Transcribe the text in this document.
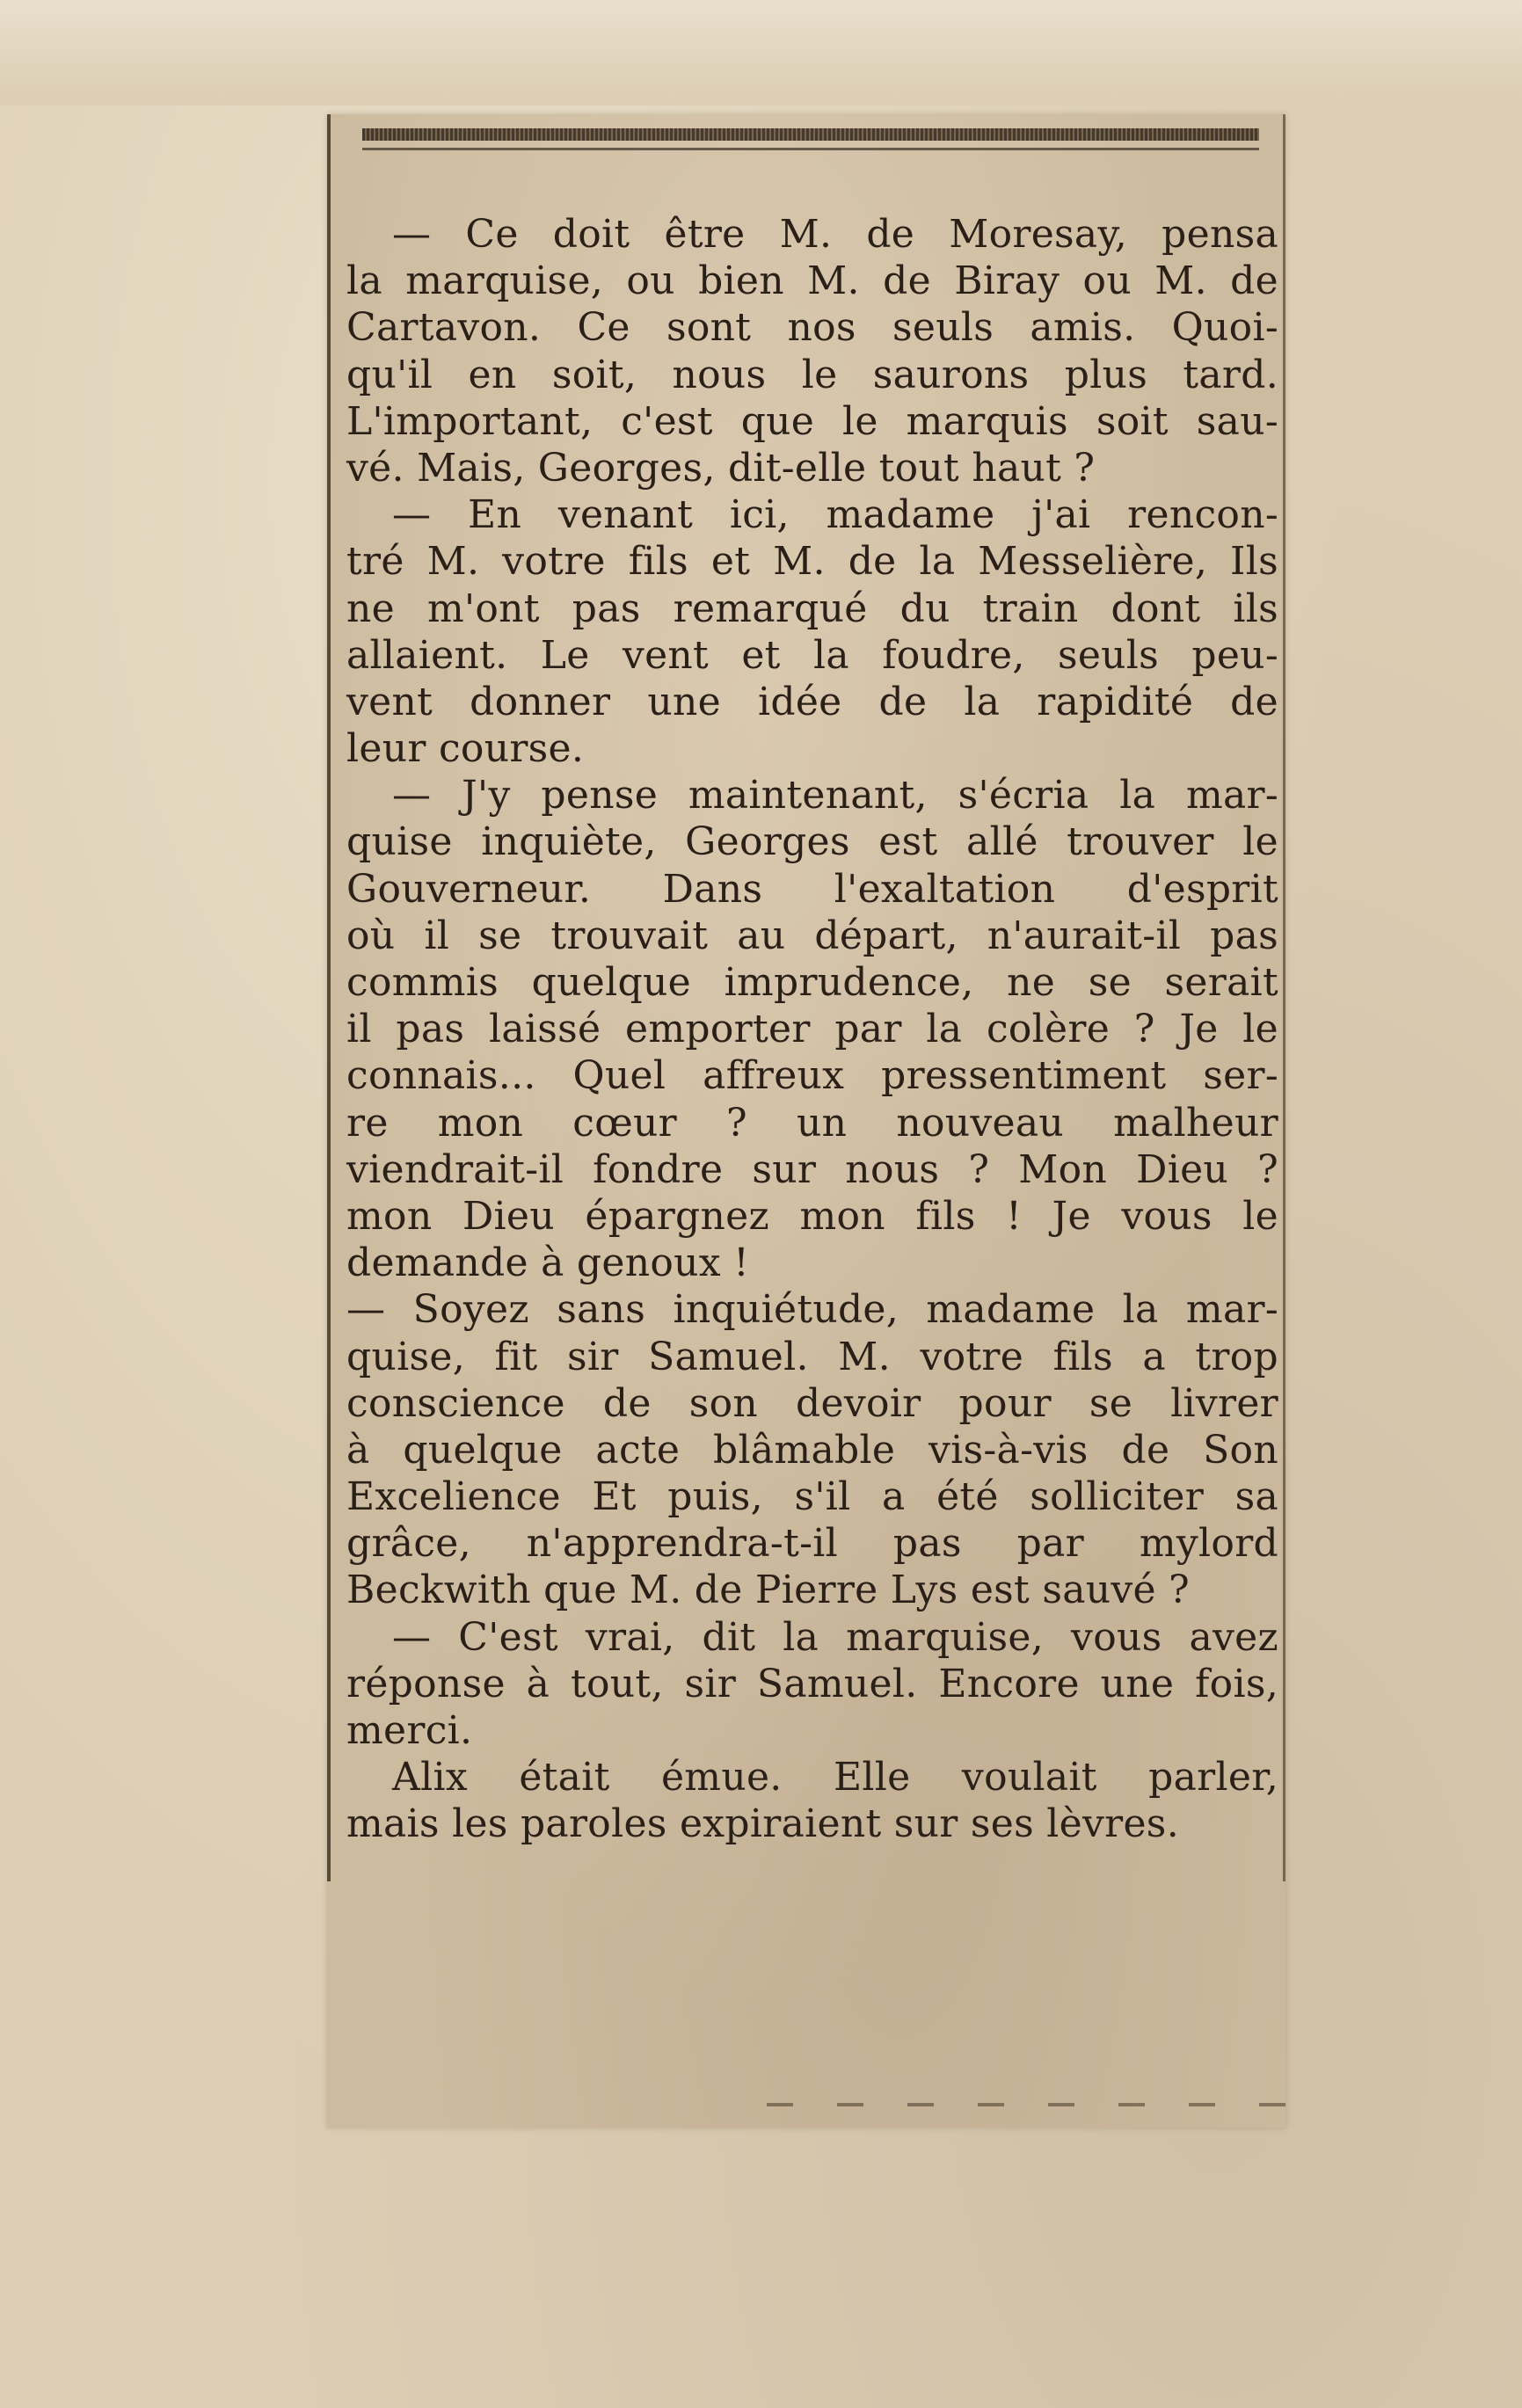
— Ce doit être M. de Moresay, pensa
la marquise, ou bien M. de Biray ou M. de
Cartavon. Ce sont nos seuls amis. Quoi-
qu'il en soit, nous le saurons plus tard.
L'important, c'est que le marquis soit sau-
vé. Mais, Georges, dit-elle tout haut ?
— En venant ici, madame j'ai rencon-
tré M. votre fils et M. de la Messelière, Ils
ne m'ont pas remarqué du train dont ils
allaient. Le vent et la foudre, seuls peu-
vent donner une idée de la rapidité de
leur course.
— J'y pense maintenant, s'écria la mar-
quise inquiète, Georges est allé trouver le
Gouverneur. Dans l'exaltation d'esprit
où il se trouvait au départ, n'aurait-il pas
commis quelque imprudence, ne se serait
il pas laissé emporter par la colère ? Je le
connais... Quel affreux pressentiment ser-
re mon cœur ? un nouveau malheur
viendrait-il fondre sur nous ? Mon Dieu ?
mon Dieu épargnez mon fils ! Je vous le
demande à genoux !
— Soyez sans inquiétude, madame la mar-
quise, fit sir Samuel. M. votre fils a trop
conscience de son devoir pour se livrer
à quelque acte blâmable vis-à-vis de Son
Excelience Et puis, s'il a été solliciter sa
grâce, n'apprendra-t-il pas par mylord
Beckwith que M. de Pierre Lys est sauvé ?
— C'est vrai, dit la marquise, vous avez
réponse à tout, sir Samuel. Encore une fois,
merci.
Alix était émue. Elle voulait parler,
mais les paroles expiraient sur ses lèvres.
